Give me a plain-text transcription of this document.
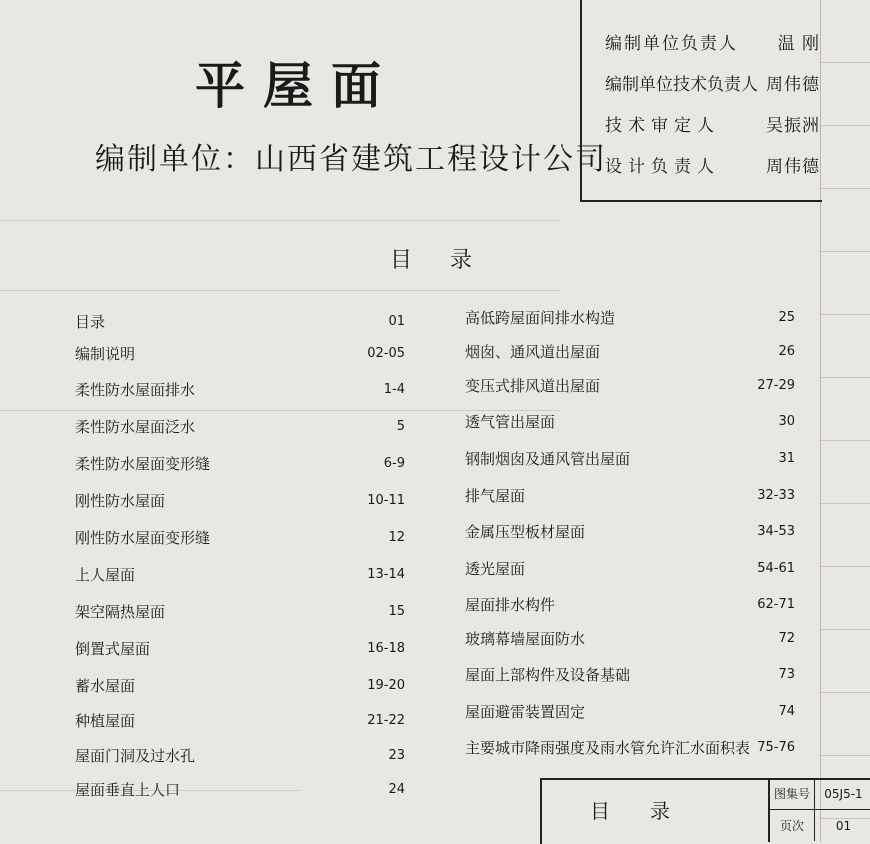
平屋面
编制单位：山西省建筑工程设计公司
编制单位负责人 温 刚
编制单位技术负责人 周伟德
技术审定人	吴振洲
设计负责人	周伟德
目 录
目录	01
编制说明	02-05
柔性防水屋面排水	1-4
柔性防水屋面泛水	5
柔性防水屋面变形缝	6-9
刚性防水屋面	10-11
刚性防水屋面变形缝	12
上人屋面	13-14
架空隔热屋面	15
倒置式屋面	16-18
蓄水屋面	19-20
种植屋面	21-22
屋面门洞及过水孔	23
屋面垂直上人口	24
高低跨屋面间排水构造	25
烟囱、通风道出屋面	26
变压式排风道出屋面	27-29
透气管出屋面	30
钢制烟囱及通风管出屋面	31
排气屋面	32-33
金属压型板材屋面	34-53
透光屋面	54-61
屋面排水构件	62-71
玻璃幕墙屋面防水	72
屋面上部构件及设备基础	73
屋面避雷装置固定	74
主要城市降雨强度及雨水管允许汇水面积表 75-76
目录
图集号	05J5-1
页次	01
